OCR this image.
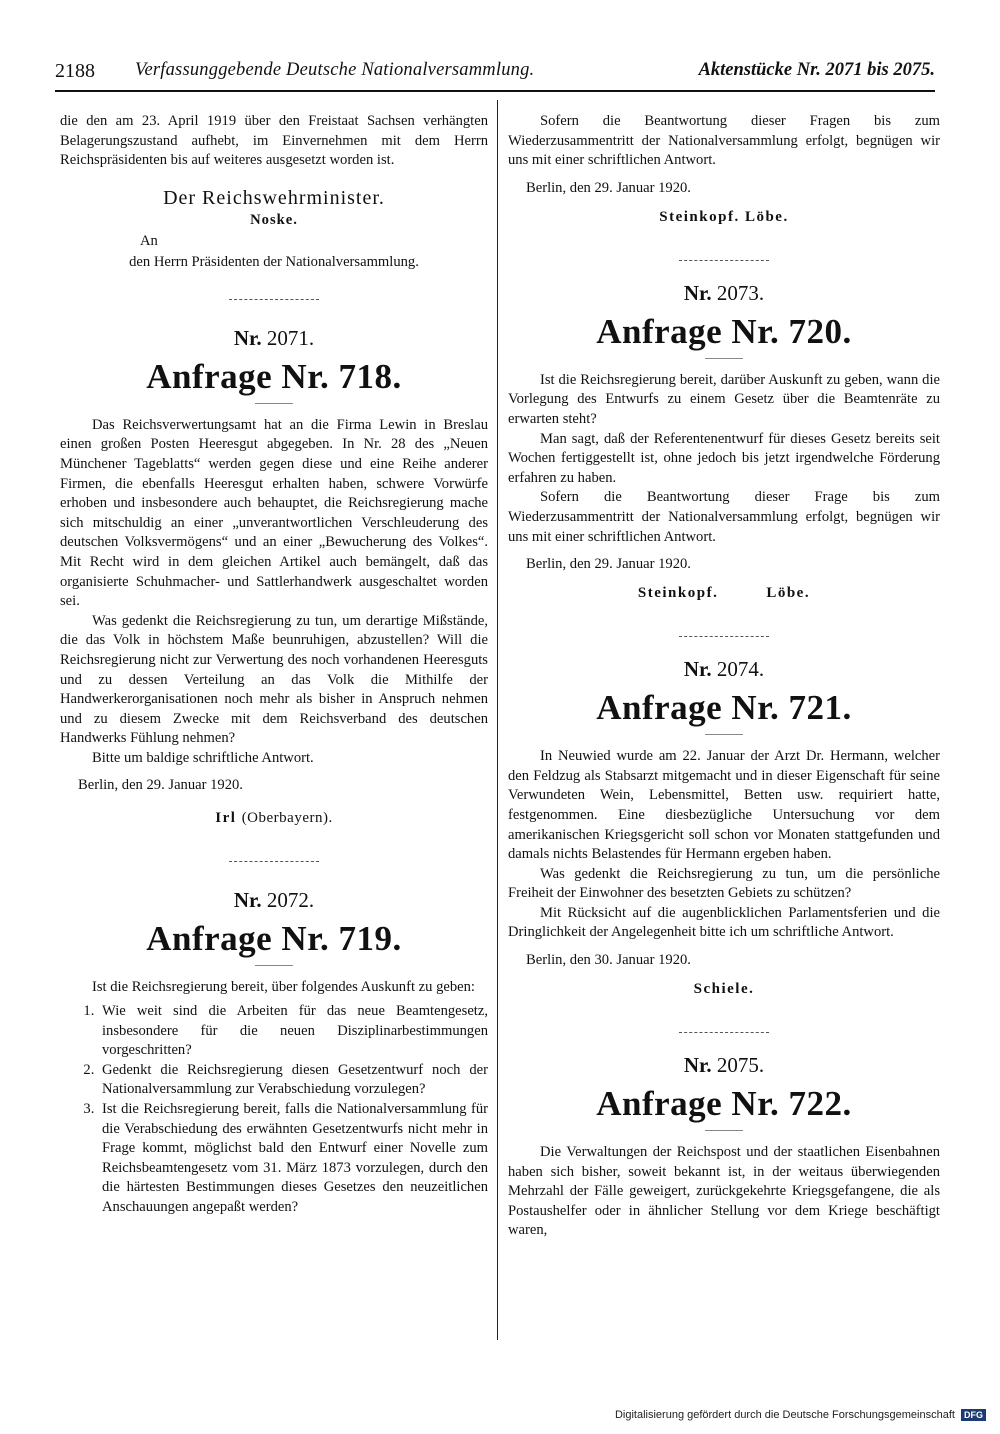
2188 Verfassunggebende Deutsche Nationalversammlung.	Aktenstücke Nr. 2071 bis 2075.

die den am 23. April 1919 über den Freistaat Sachsen verhängten Belagerungszustand aufhebt, im Einvernehmen mit dem Herrn Reichspräsidenten bis auf weiteres ausgesetzt worden ist.

Der Reichswehrminister.
Noske.
An
den Herrn Präsidenten der Nationalversammlung.
Nr. 2071.
Anfrage Nr. 718.

Das Reichsverwertungsamt hat an die Firma Lewin in Breslau einen großen Posten Heeresgut abgegeben. In Nr. 28 des „Neuen Münchener Tageblatts“ werden gegen diese und eine Reihe anderer Firmen, die ebenfalls Heeresgut erhalten haben, schwere Vorwürfe erhoben und insbesondere auch behauptet, die Reichsregierung mache sich mitschuldig an einer „unverantwortlichen Verschleuderung des deutschen Volksvermögens“ und an einer „Bewucherung des Volkes“. Mit Recht wird in dem gleichen Artikel auch bemängelt, daß das organisierte Schuhmacher- und Sattlerhandwerk ausgeschaltet worden sei.

Was gedenkt die Reichsregierung zu tun, um derartige Mißstände, die das Volk in höchstem Maße beunruhigen, abzustellen? Will die Reichsregierung nicht zur Verwertung des noch vorhandenen Heeresguts und zu dessen Verteilung an das Volk die Mithilfe der Handwerkerorganisationen noch mehr als bisher in Anspruch nehmen und zu diesem Zwecke mit dem Reichsverband des deutschen Handwerks Fühlung nehmen?

Bitte um baldige schriftliche Antwort.

Berlin, den 29. Januar 1920.

Irl (Oberbayern).
Nr. 2072.
Anfrage Nr. 719.

Ist die Reichsregierung bereit, über folgendes Auskunft zu geben:

1. Wie weit sind die Arbeiten für das neue Beamtengesetz, insbesondere für die neuen Disziplinarbestimmungen vorgeschritten?
2. Gedenkt die Reichsregierung diesen Gesetzentwurf noch der Nationalversammlung zur Verabschiedung vorzulegen?
3. Ist die Reichsregierung bereit, falls die Nationalversammlung für die Verabschiedung des erwähnten Gesetzentwurfs nicht mehr in Frage kommt, möglichst bald den Entwurf einer Novelle zum Reichsbeamtengesetz vom 31. März 1873 vorzulegen, durch den die härtesten Bestimmungen dieses Gesetzes den neuzeitlichen Anschauungen angepaßt werden?

Sofern die Beantwortung dieser Fragen bis zum Wiederzusammentritt der Nationalversammlung erfolgt, begnügen wir uns mit einer schriftlichen Antwort.

Berlin, den 29. Januar 1920.

Steinkopf. Löbe.
Nr. 2073.
Anfrage Nr. 720.

Ist die Reichsregierung bereit, darüber Auskunft zu geben, wann die Vorlegung des Entwurfs zu einem Gesetz über die Beamtenräte zu erwarten steht?

Man sagt, daß der Referentenentwurf für dieses Gesetz bereits seit Wochen fertiggestellt ist, ohne jedoch bis jetzt irgendwelche Förderung erfahren zu haben.

Sofern die Beantwortung dieser Frage bis zum Wiederzusammentritt der Nationalversammlung erfolgt, begnügen wir uns mit einer schriftlichen Antwort.

Berlin, den 29. Januar 1920.

Steinkopf.	Löbe.
Nr. 2074.
Anfrage Nr. 721.

In Neuwied wurde am 22. Januar der Arzt Dr. Hermann, welcher den Feldzug als Stabsarzt mitgemacht und in dieser Eigenschaft für seine Verwundeten Wein, Lebensmittel, Betten usw. requiriert hatte, festgenommen. Eine diesbezügliche Untersuchung vor dem amerikanischen Kriegsgericht soll schon vor Monaten stattgefunden und damals nichts Belastendes für Hermann ergeben haben.

Was gedenkt die Reichsregierung zu tun, um die persönliche Freiheit der Einwohner des besetzten Gebiets zu schützen?

Mit Rücksicht auf die augenblicklichen Parlamentsferien und die Dringlichkeit der Angelegenheit bitte ich um schriftliche Antwort.

Berlin, den 30. Januar 1920.

Schiele.
Nr. 2075.
Anfrage Nr. 722.

Die Verwaltungen der Reichspost und der staatlichen Eisenbahnen haben sich bisher, soweit bekannt ist, in der weitaus überwiegenden Mehrzahl der Fälle geweigert, zurückgekehrte Kriegsgefangene, die als Postaushelfer oder in ähnlicher Stellung vor dem Kriege beschäftigt waren,

Digitalisierung gefördert durch die Deutsche Forschungsgemeinschaft DFG
